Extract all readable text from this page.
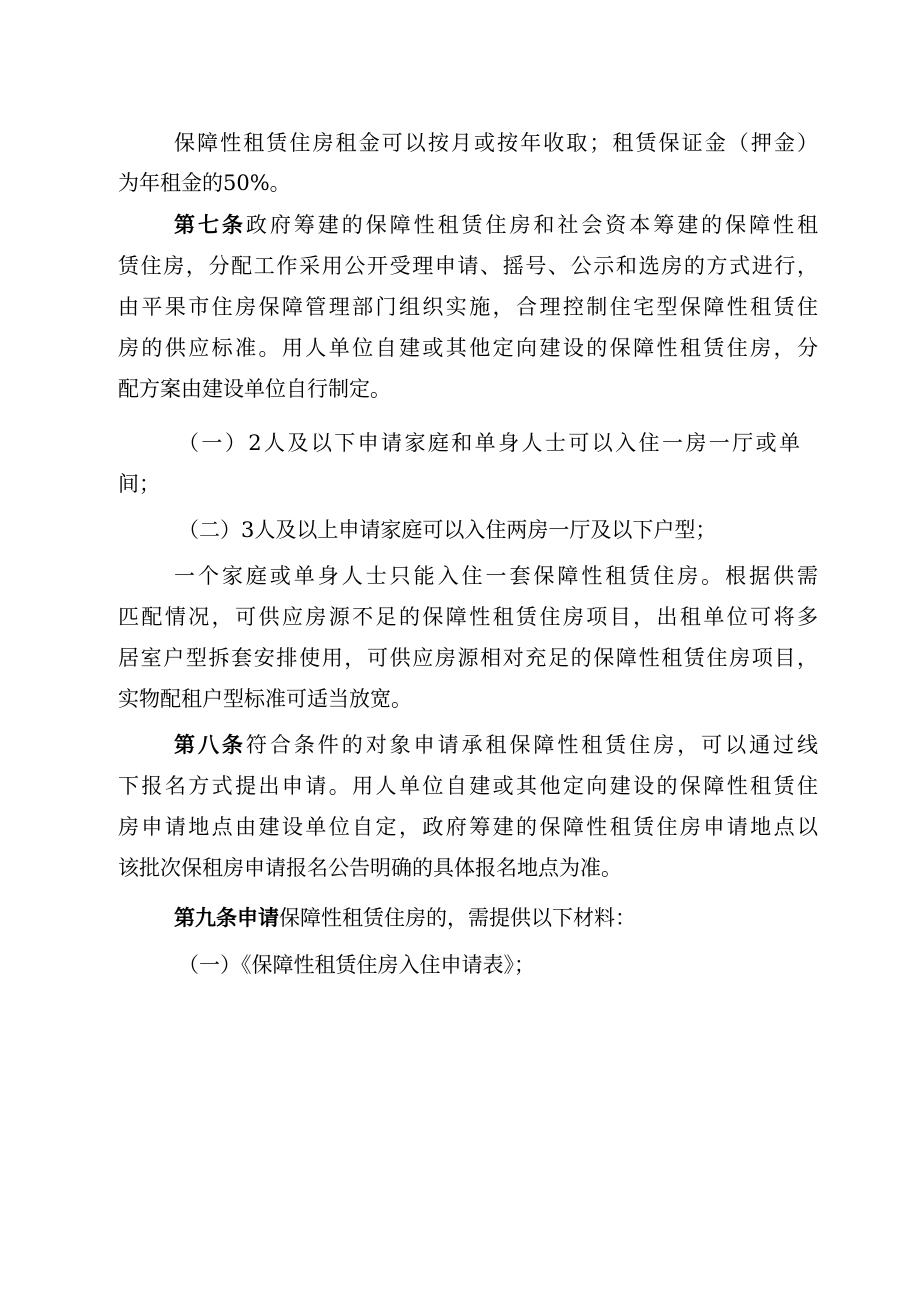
保障性租赁住房租金可以按月或按年收取；租赁保证金（押金）
为年租金的50%。
第七条政府筹建的保障性租赁住房和社会资本筹建的保障性租
赁住房，分配工作采用公开受理申请、摇号、公示和选房的方式进行，
由平果市住房保障管理部门组织实施，合理控制住宅型保障性租赁住
房的供应标准。用人单位自建或其他定向建设的保障性租赁住房，分
配方案由建设单位自行制定。
（一）2人及以下申请家庭和单身人士可以入住一房一厅或单
间；
（二）3人及以上申请家庭可以入住两房一厅及以下户型；
一个家庭或单身人士只能入住一套保障性租赁住房。根据供需
匹配情况，可供应房源不足的保障性租赁住房项目，出租单位可将多
居室户型拆套安排使用，可供应房源相对充足的保障性租赁住房项目，
实物配租户型标准可适当放宽。
第八条符合条件的对象申请承租保障性租赁住房，可以通过线
下报名方式提出申请。用人单位自建或其他定向建设的保障性租赁住
房申请地点由建设单位自定，政府筹建的保障性租赁住房申请地点以
该批次保租房申请报名公告明确的具体报名地点为准。
第九条申请保障性租赁住房的，需提供以下材料：
（一）《保障性租赁住房入住申请表》；
